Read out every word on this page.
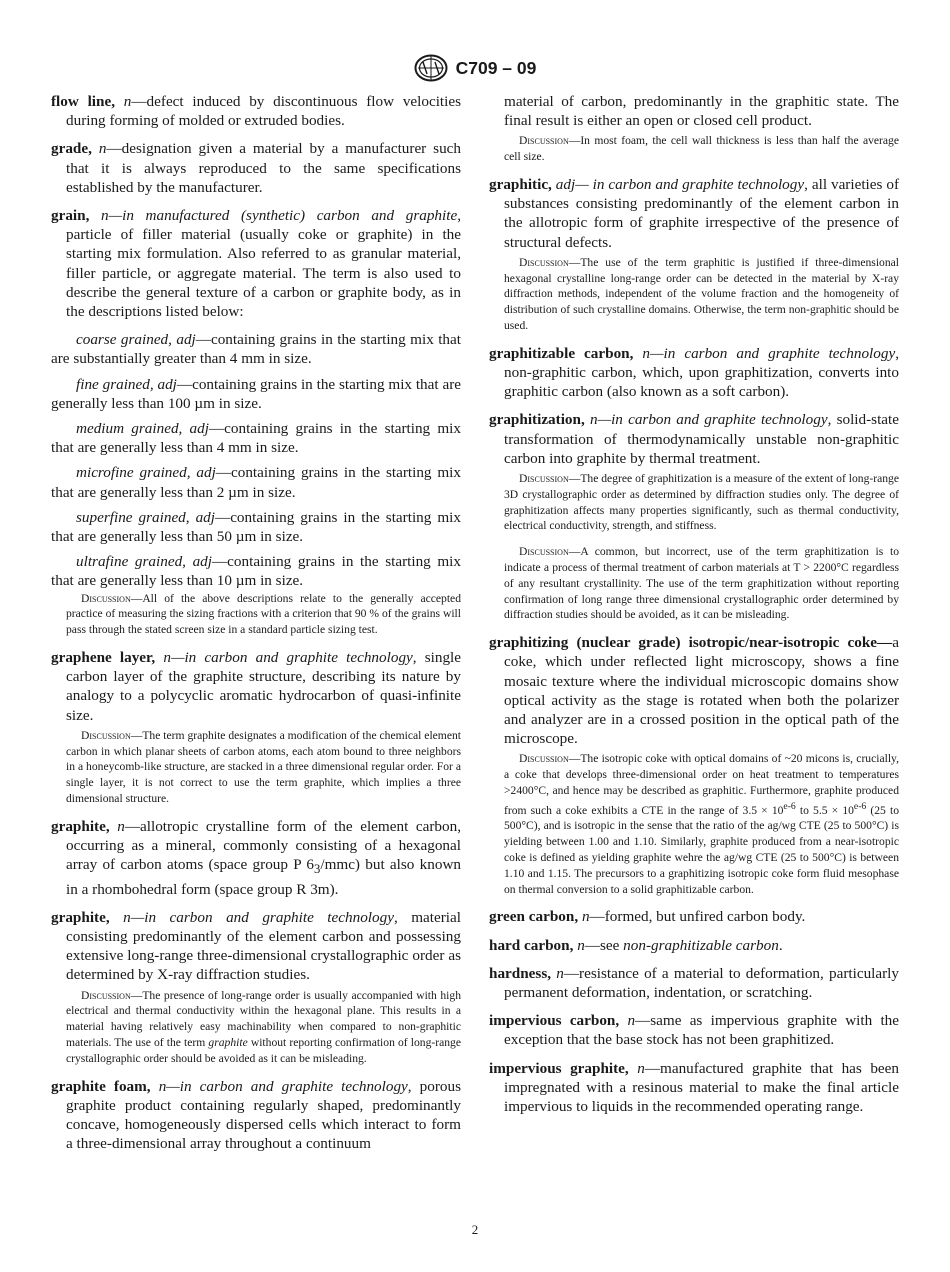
C709 – 09

flow line, n—defect induced by discontinuous flow velocities during forming of molded or extruded bodies.

grade, n—designation given a material by a manufacturer such that it is always reproduced to the same specifications established by the manufacturer.

grain, n—in manufactured (synthetic) carbon and graphite, particle of filler material (usually coke or graphite) in the starting mix formulation. Also referred to as granular material, filler particle, or aggregate material. The term is also used to describe the general texture of a carbon or graphite body, as in the descriptions listed below:

coarse grained, adj—containing grains in the starting mix that are substantially greater than 4 mm in size.

fine grained, adj—containing grains in the starting mix that are generally less than 100 µm in size.

medium grained, adj—containing grains in the starting mix that are generally less than 4 mm in size.

microfine grained, adj—containing grains in the starting mix that are generally less than 2 µm in size.

superfine grained, adj—containing grains in the starting mix that are generally less than 50 µm in size.

ultrafine grained, adj—containing grains in the starting mix that are generally less than 10 µm in size.

Discussion—All of the above descriptions relate to the generally accepted practice of measuring the sizing fractions with a criterion that 90 % of the grains will pass through the stated screen size in a standard particle sizing test.

graphene layer, n—in carbon and graphite technology, single carbon layer of the graphite structure, describing its nature by analogy to a polycyclic aromatic hydrocarbon of quasi-infinite size.

Discussion—The term graphite designates a modification of the chemical element carbon in which planar sheets of carbon atoms, each atom bound to three neighbors in a honeycomb-like structure, are stacked in a three dimensional regular order. For a single layer, it is not correct to use the term graphite, which implies a three dimensional structure.

graphite, n—allotropic crystalline form of the element carbon, occurring as a mineral, commonly consisting of a hexagonal array of carbon atoms (space group P $6_3/mmc$) but also known in a rhombohedral form (space group R 3m).

graphite, n—in carbon and graphite technology, material consisting predominantly of the element carbon and possessing extensive long-range three-dimensional crystallographic order as determined by X-ray diffraction studies.

Discussion—The presence of long-range order is usually accompanied with high electrical and thermal conductivity within the hexagonal plane. This results in a material having relatively easy machinability when compared to non-graphitic materials. The use of the term graphite without reporting confirmation of long-range crystallographic order should be avoided as it can be misleading.

graphite foam, n—in carbon and graphite technology, porous graphite product containing regularly shaped, predominantly concave, homogeneously dispersed cells which interact to form a three-dimensional array throughout a continuum

material of carbon, predominantly in the graphitic state. The final result is either an open or closed cell product.

Discussion—In most foam, the cell wall thickness is less than half the average cell size.

graphitic, adj— in carbon and graphite technology, all varieties of substances consisting predominantly of the element carbon in the allotropic form of graphite irrespective of the presence of structural defects.

Discussion—The use of the term graphitic is justified if three-dimensional hexagonal crystalline long-range order can be detected in the material by X-ray diffraction methods, independent of the volume fraction and the homogeneity of distribution of such crystalline domains. Otherwise, the term non-graphitic should be used.

graphitizable carbon, n—in carbon and graphite technology, non-graphitic carbon, which, upon graphitization, converts into graphitic carbon (also known as a soft carbon).

graphitization, n—in carbon and graphite technology, solid-state transformation of thermodynamically unstable non-graphitic carbon into graphite by thermal treatment.

Discussion—The degree of graphitization is a measure of the extent of long-range 3D crystallographic order as determined by diffraction studies only. The degree of graphitization affects many properties significantly, such as thermal conductivity, electrical conductivity, strength, and stiffness.

Discussion—A common, but incorrect, use of the term graphitization is to indicate a process of thermal treatment of carbon materials at T > 2200°C regardless of any resultant crystallinity. The use of the term graphitization without reporting confirmation of long range three dimensional crystallographic order determined by diffraction studies should be avoided, as it can be misleading.

graphitizing (nuclear grade) isotropic/near-isotropic coke—a coke, which under reflected light microscopy, shows a fine mosaic texture where the individual microscopic domains show optical activity as the stage is rotated when both the polarizer and analyzer are in a crossed position in the optical path of the microscope.

Discussion—The isotropic coke with optical domains of ~20 micons is, crucially, a coke that develops three-dimensional order on heat treatment to temperatures >2400°C, and hence may be described as graphitic. Furthermore, graphite produced from such a coke exhibits a CTE in the range of $3.5 \times 10^{e-6}$ to $5.5 \times 10^{e-6}$ (25 to 500°C), and is isotropic in the sense that the ratio of the ag/wg CTE (25 to 500°C) is yielding between 1.00 and 1.10. Similarly, graphite produced from a near-isotropic coke is defined as yielding graphite wehre the ag/wg CTE (25 to 500°C) is between 1.10 and 1.15. The precursors to a graphitizing isotropic coke form fluid mesophase on thermal conversion to a solid graphitizable carbon.

green carbon, n—formed, but unfired carbon body.

hard carbon, n—see non-graphitizable carbon.

hardness, n—resistance of a material to deformation, particularly permanent deformation, indentation, or scratching.

impervious carbon, n—same as impervious graphite with the exception that the base stock has not been graphitized.

impervious graphite, n—manufactured graphite that has been impregnated with a resinous material to make the final article impervious to liquids in the recommended operating range.

2
